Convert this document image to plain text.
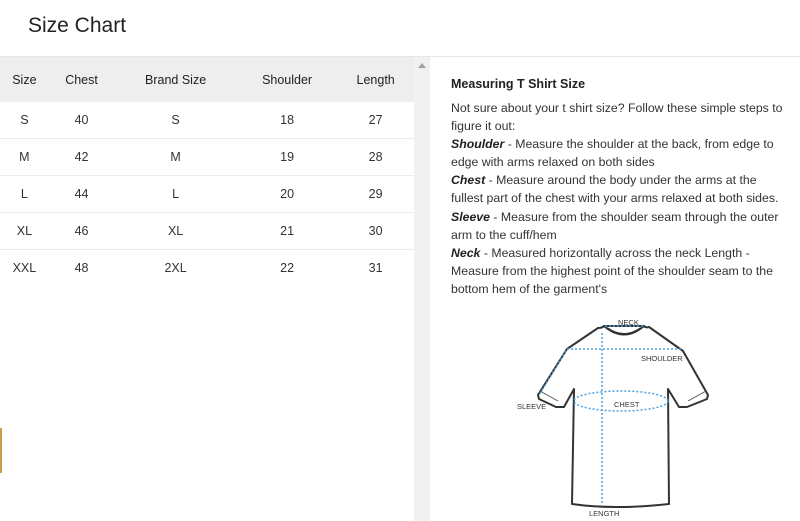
Size Chart
Size	Chest	Brand Size	Shoulder	Length
S	40	S	18	27
M	42	M	19	28
L	44	L	20	29
XL	46	XL	21	30
XXL	48	2XL	22	31
Measuring T Shirt Size

Not sure about your t shirt size? Follow these simple steps to figure it out:

Shoulder - Measure the shoulder at the back, from edge to edge with arms relaxed on both sides

Chest - Measure around the body under the arms at the fullest part of the chest with your arms relaxed at both sides.

Sleeve - Measure from the shoulder seam through the outer arm to the cuff/hem

Neck - Measured horizontally across the neck Length - Measure from the highest point of the shoulder seam to the bottom hem of the garment's

NECK
SHOULDER
SLEEVE	CHEST
LENGTH
